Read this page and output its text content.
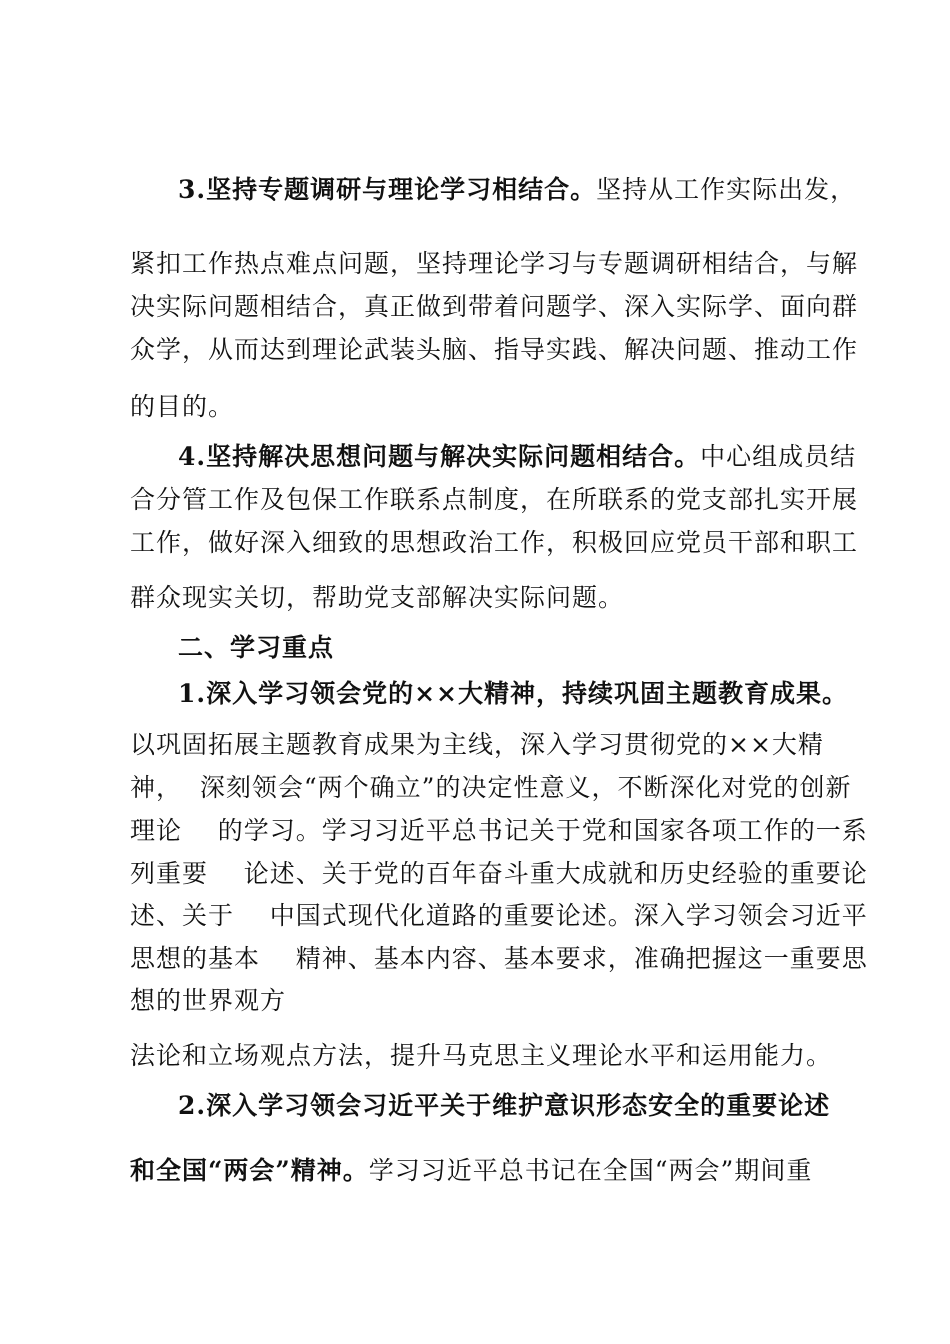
3.坚持专题调研与理论学习相结合。坚持从工作实际出发，
紧扣工作热点难点问题，坚持理论学习与专题调研相结合，与解
决实际问题相结合，真正做到带着问题学、深入实际学、面向群
众学，从而达到理论武装头脑、指导实践、解决问题、推动工作
的目的。
4.坚持解决思想问题与解决实际问题相结合。中心组成员结
合分管工作及包保工作联系点制度，在所联系的党支部扎实开展
工作，做好深入细致的思想政治工作，积极回应党员干部和职工
群众现实关切，帮助党支部解决实际问题。
二、学习重点
1.深入学习领会党的××大精神，持续巩固主题教育成果。
以巩固拓展主题教育成果为主线，深入学习贯彻党的××大精
神，  深刻领会“两个确立”的决定性意义，不断深化对党的创新
理论    的学习。学习习近平总书记关于党和国家各项工作的一系
列重要    论述、关于党的百年奋斗重大成就和历史经验的重要论
述、关于    中国式现代化道路的重要论述。深入学习领会习近平
思想的基本    精神、基本内容、基本要求，准确把握这一重要思
想的世界观方
法论和立场观点方法，提升马克思主义理论水平和运用能力。
2.深入学习领会习近平关于维护意识形态安全的重要论述
和全国“两会”精神。学习习近平总书记在全国“两会”期间重
